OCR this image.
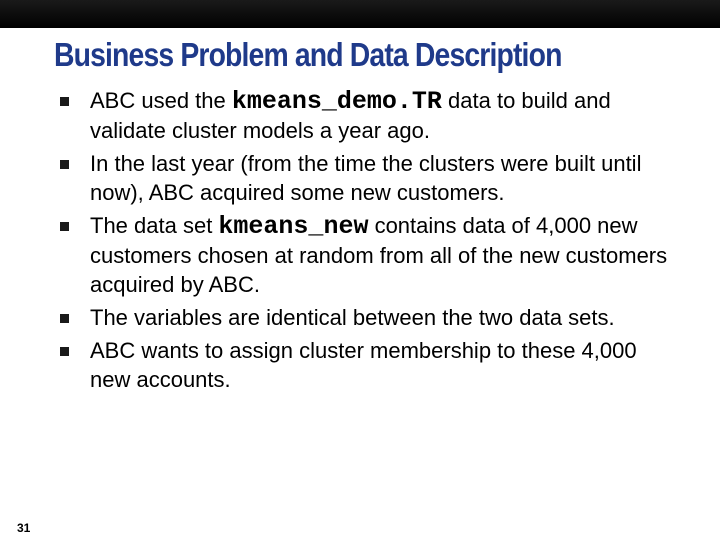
Business Problem and Data Description
ABC used the kmeans_demo.TR data to build and validate cluster models a year ago.
In the last year (from the time the clusters were built until now), ABC acquired some new customers.
The data set kmeans_new contains data of 4,000 new customers chosen at random from all of the new customers acquired by ABC.
The variables are identical between the two data sets.
ABC wants to assign cluster membership to these 4,000 new accounts.
31
